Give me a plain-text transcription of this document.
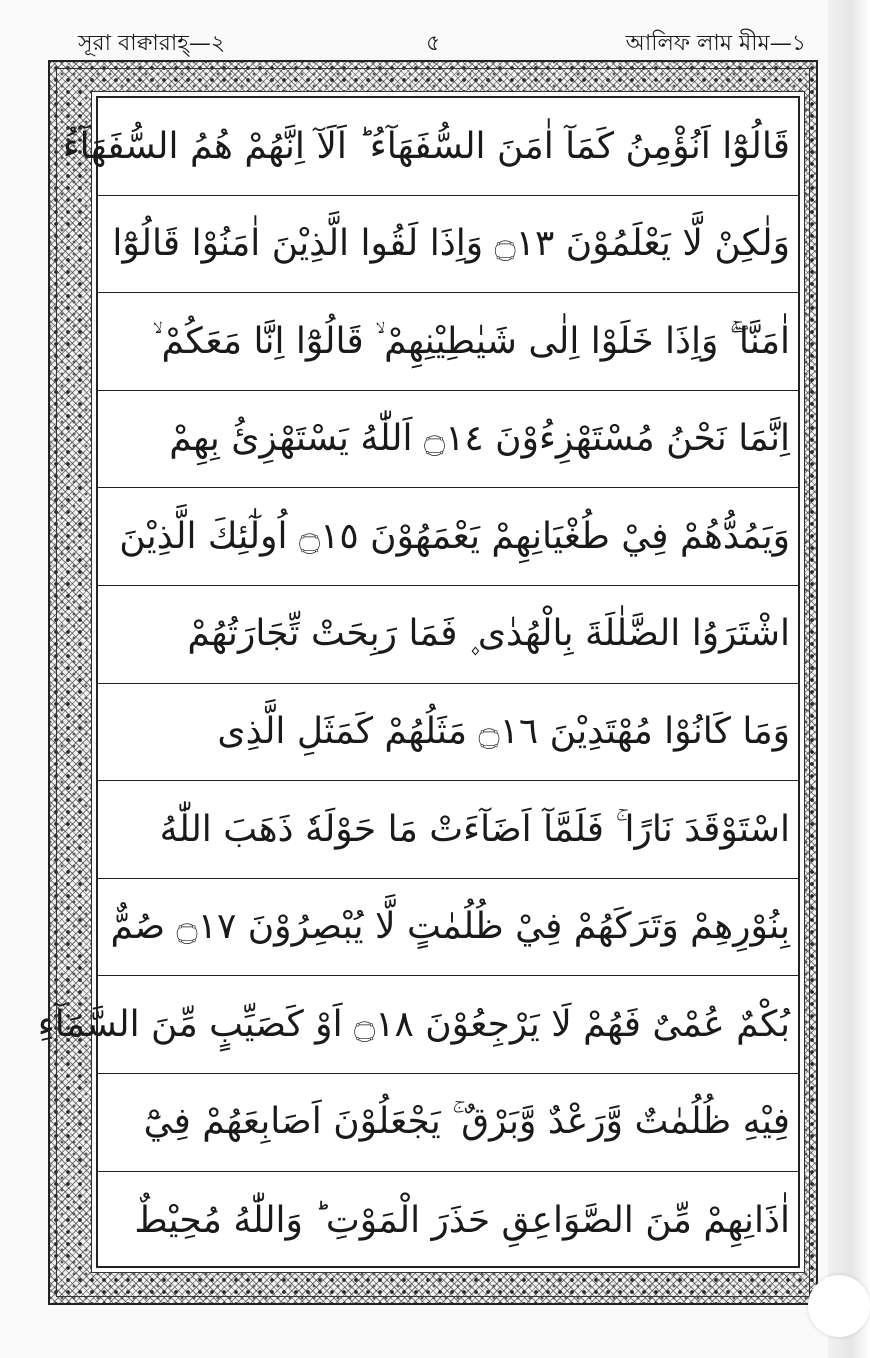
সূরা বাক্বারাহ্—২	৫	আলিফ লাম মীম—১
قَالُوْٓا اَنُؤْمِنُ كَمَآ اٰمَنَ السُّفَهَآءُ ؕ اَلَآ اِنَّهُمْ هُمُ السُّفَهَآءُ
وَلٰكِنْ لَّا يَعْلَمُوْنَ ۝١٣ وَاِذَا لَقُوا الَّذِيْنَ اٰمَنُوْا قَالُوْٓا
اٰمَنَّا ۚۖ وَاِذَا خَلَوْا اِلٰى شَيٰطِيْنِهِمْ ۙ قَالُوْٓا اِنَّا مَعَكُمْ ۙ
اِنَّمَا نَحْنُ مُسْتَهْزِءُوْنَ ۝١٤ اَللّٰهُ يَسْتَهْزِئُ بِهِمْ
وَيَمُدُّهُمْ فِيْ طُغْيَانِهِمْ يَعْمَهُوْنَ ۝١٥ اُولٰٓئِكَ الَّذِيْنَ
اشْتَرَوُا الضَّلٰلَةَ بِالْهُدٰى ۪ فَمَا رَبِحَتْ تِّجَارَتُهُمْ
وَمَا كَانُوْا مُهْتَدِيْنَ ۝١٦ مَثَلُهُمْ كَمَثَلِ الَّذِى
اسْتَوْقَدَ نَارًا ۚ فَلَمَّآ اَضَآءَتْ مَا حَوْلَهٗ ذَهَبَ اللّٰهُ
بِنُوْرِهِمْ وَتَرَكَهُمْ فِيْ ظُلُمٰتٍ لَّا يُبْصِرُوْنَ ۝١٧ صُمٌّ
بُكْمٌ عُمْىٌ فَهُمْ لَا يَرْجِعُوْنَ ۝١٨ اَوْ كَصَيِّبٍ مِّنَ السَّمَآءِ
فِيْهِ ظُلُمٰتٌ وَّرَعْدٌ وَّبَرْقٌ ۚ يَجْعَلُوْنَ اَصَابِعَهُمْ فِيْٓ
اٰذَانِهِمْ مِّنَ الصَّوَاعِقِ حَذَرَ الْمَوْتِ ؕ وَاللّٰهُ مُحِيْطٌ
